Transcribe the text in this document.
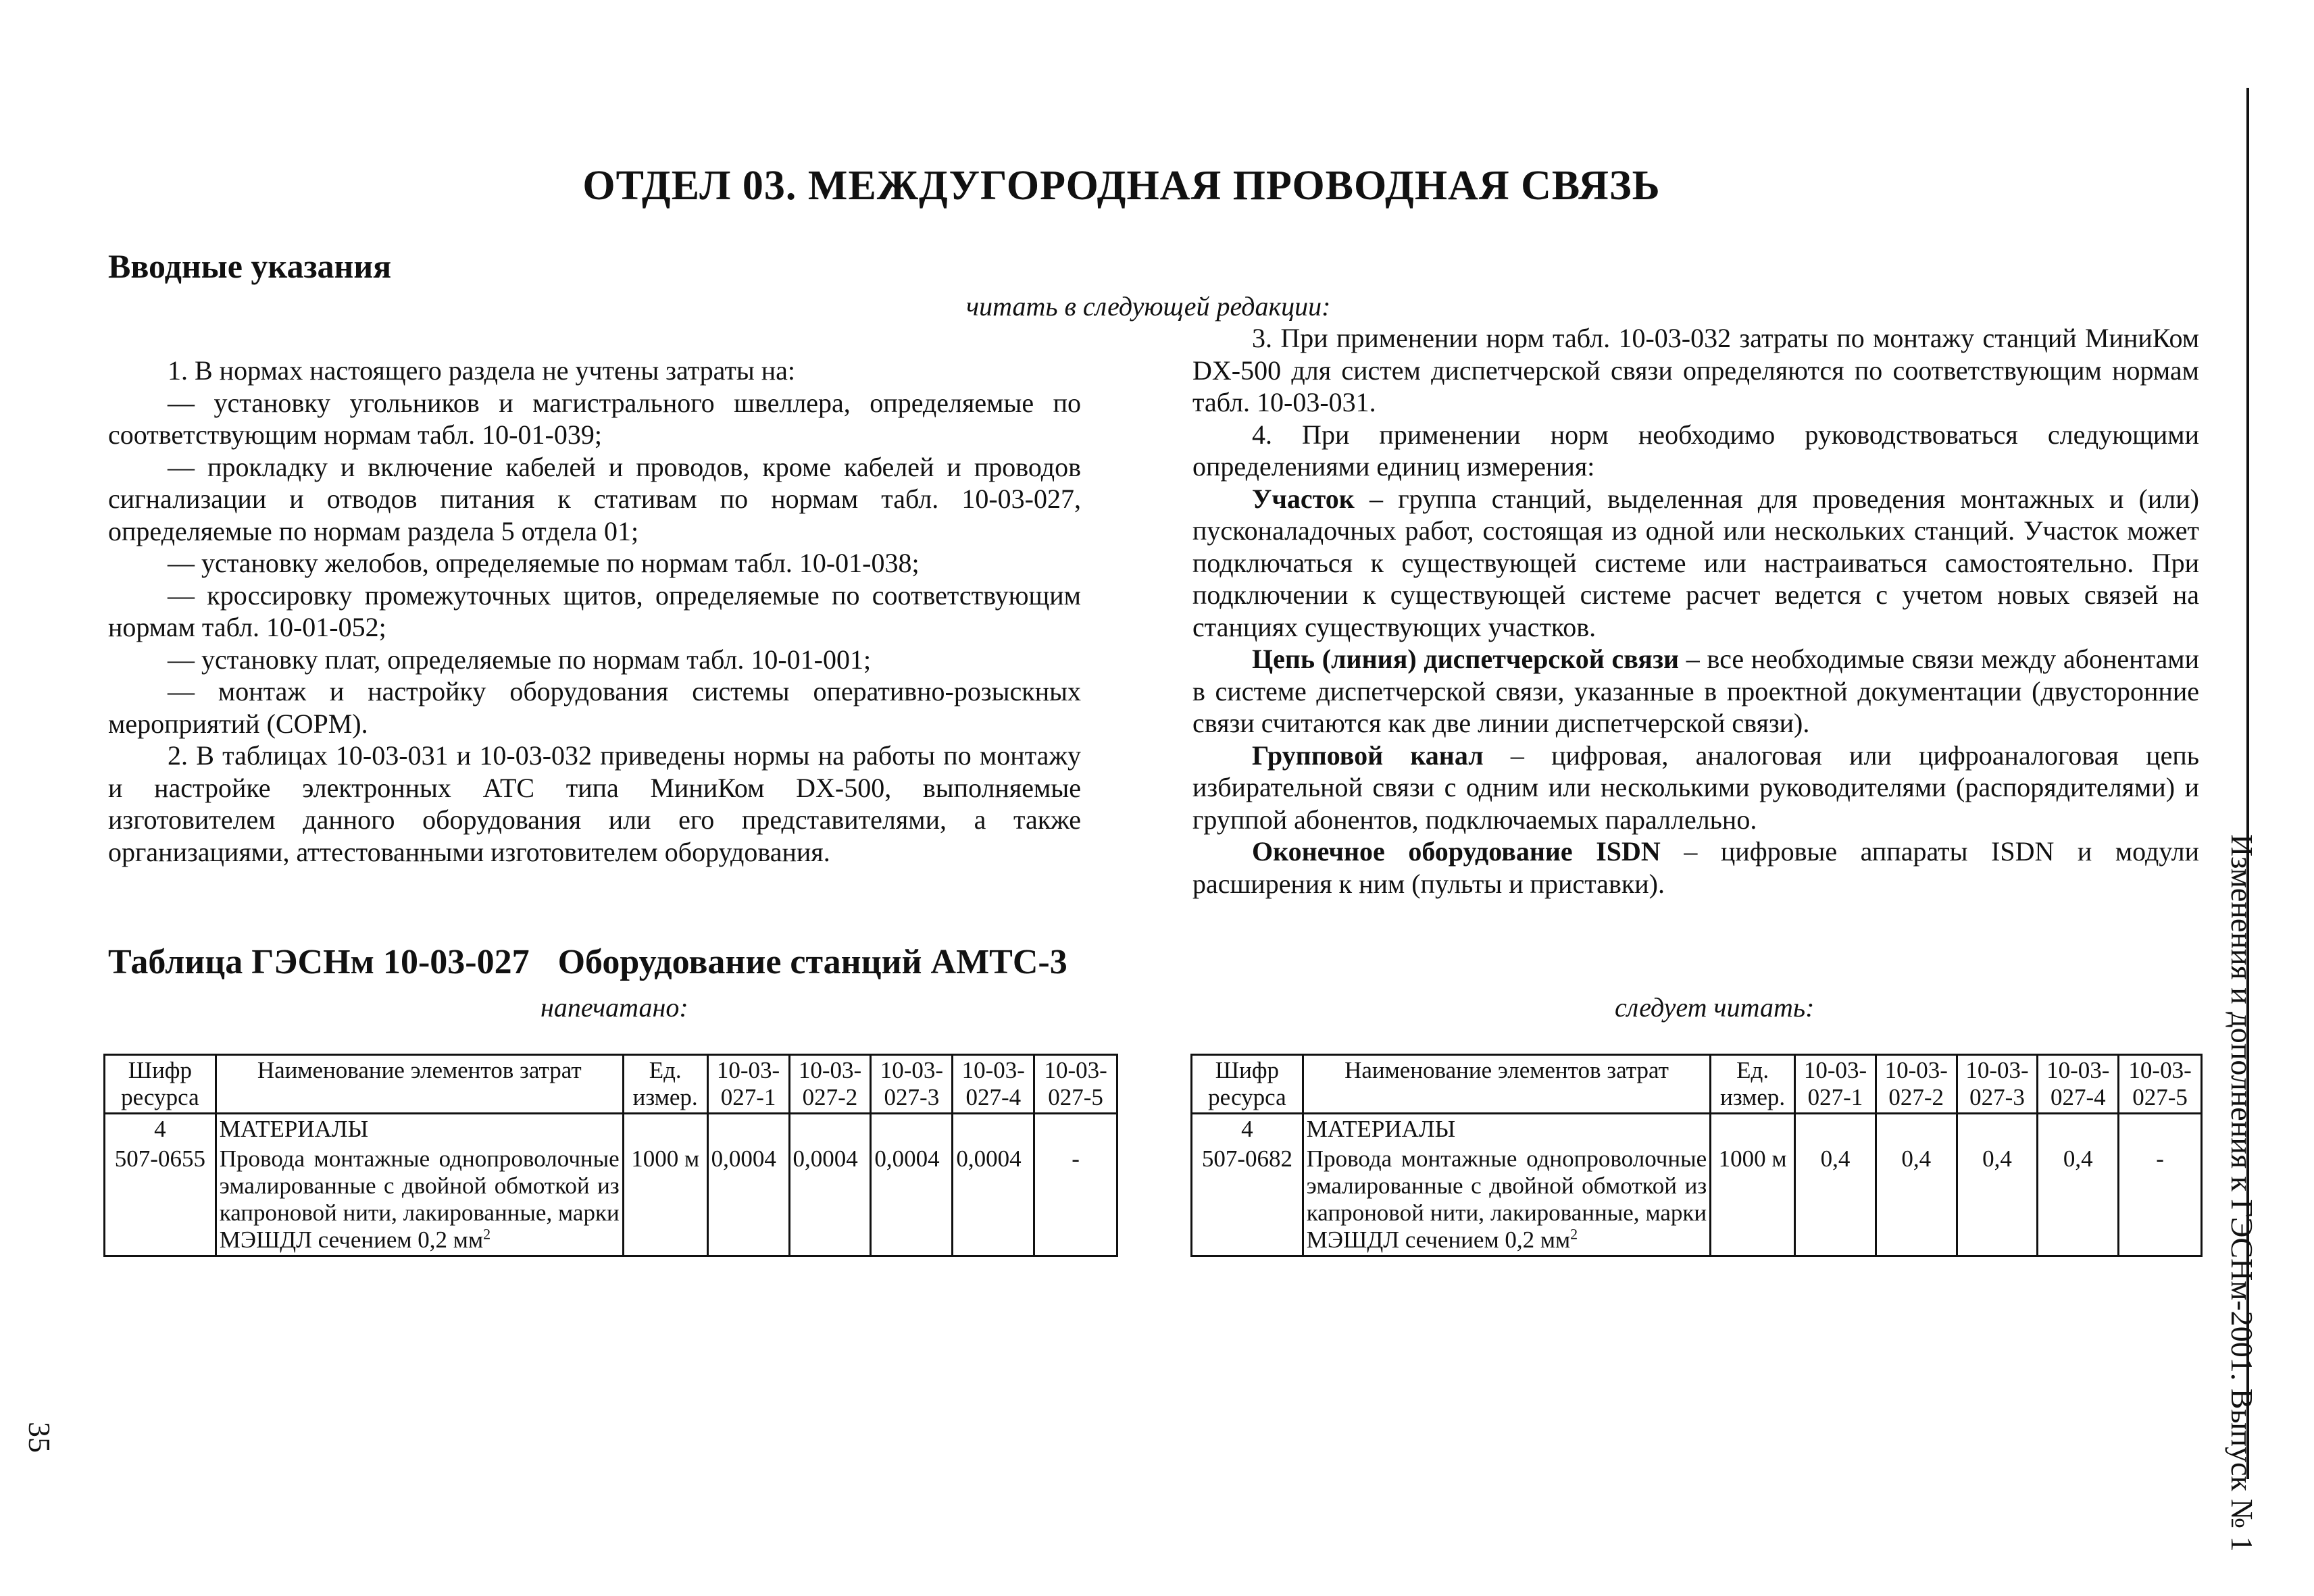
ОТДЕЛ 03. МЕЖДУГОРОДНАЯ ПРОВОДНАЯ СВЯЗЬ
Вводные указания
читать в следующей редакции:

1. В нормах настоящего раздела не учтены затраты на:

— установку угольников и магистрального швеллера, определяемые по соответствующим нормам табл. 10-01-039;

— прокладку и включение кабелей и проводов, кроме кабелей и проводов сигнализации и отводов питания к стативам по нормам табл. 10-03-027, определяемые по нормам раздела 5 отдела 01;

— установку желобов, определяемые по нормам табл. 10-01-038;

— кроссировку промежуточных щитов, определяемые по соответствующим нормам табл. 10-01-052;

— установку плат, определяемые по нормам табл. 10-01-001;

— монтаж и настройку оборудования системы оперативно-розыскных мероприятий (СОРМ).

2. В таблицах 10-03-031 и 10-03-032 приведены нормы на работы по монтажу и настройке электронных АТС типа МиниКом DX-500, выполняемые изготовителем данного оборудования или его представителями, а также организациями, аттестованными изготовителем оборудования.

3. При применении норм табл. 10-03-032 затраты по монтажу станций МиниКом DX-500 для систем диспетчерской связи определяются по соответствующим нормам табл. 10-03-031.

4. При применении норм необходимо руководствоваться следующими определениями единиц измерения:

Участок – группа станций, выделенная для проведения монтажных и (или) пусконаладочных работ, состоящая из одной или нескольких станций. Участок может подключаться к существующей системе или настраиваться самостоятельно. При подключении к существующей системе расчет ведется с учетом новых связей на станциях существующих участков.

Цепь (линия) диспетчерской связи – все необходимые связи между абонентами в системе диспетчерской связи, указанные в проектной документации (двусторонние связи считаются как две линии диспетчерской связи).

Групповой канал – цифровая, аналоговая или цифроаналоговая цепь избирательной связи с одним или несколькими руководителями (распорядителями) и группой абонентов, подключаемых параллельно.

Оконечное оборудование ISDN – цифровые аппараты ISDN и модули расширения к ним (пульты и приставки).

Таблица ГЭСНм 10-03-027 Оборудование станций АМТС-3
напечатано:	следует читать:
Шифр ресурса	Наименование элементов затрат	Ед. измер.	10-03-027-1	10-03-027-2	10-03-027-3	10-03-027-4	10-03-027-5
4	МАТЕРИАЛЫ						
507-0655	Провода монтажные однопроволочные эмалированные с двойной обмоткой из капроновой нити, лакированные, марки МЭШДЛ сечением 0,2 $мм^2$	1000 м	0,0004	0,0004	0,0004	0,0004	-
Шифр ресурса	Наименование элементов затрат	Ед. измер.	10-03-027-1	10-03-027-2	10-03-027-3	10-03-027-4	10-03-027-5
4	МАТЕРИАЛЫ						
507-0682	Провода монтажные однопроволочные эмалированные с двойной обмоткой из капроновой нити, лакированные, марки МЭШДЛ сечением 0,2 $мм^2$	1000 м	0,4	0,4	0,4	0,4	- Изменения и дополнения к ГЭСНм-2001. Выпуск № 1
35
